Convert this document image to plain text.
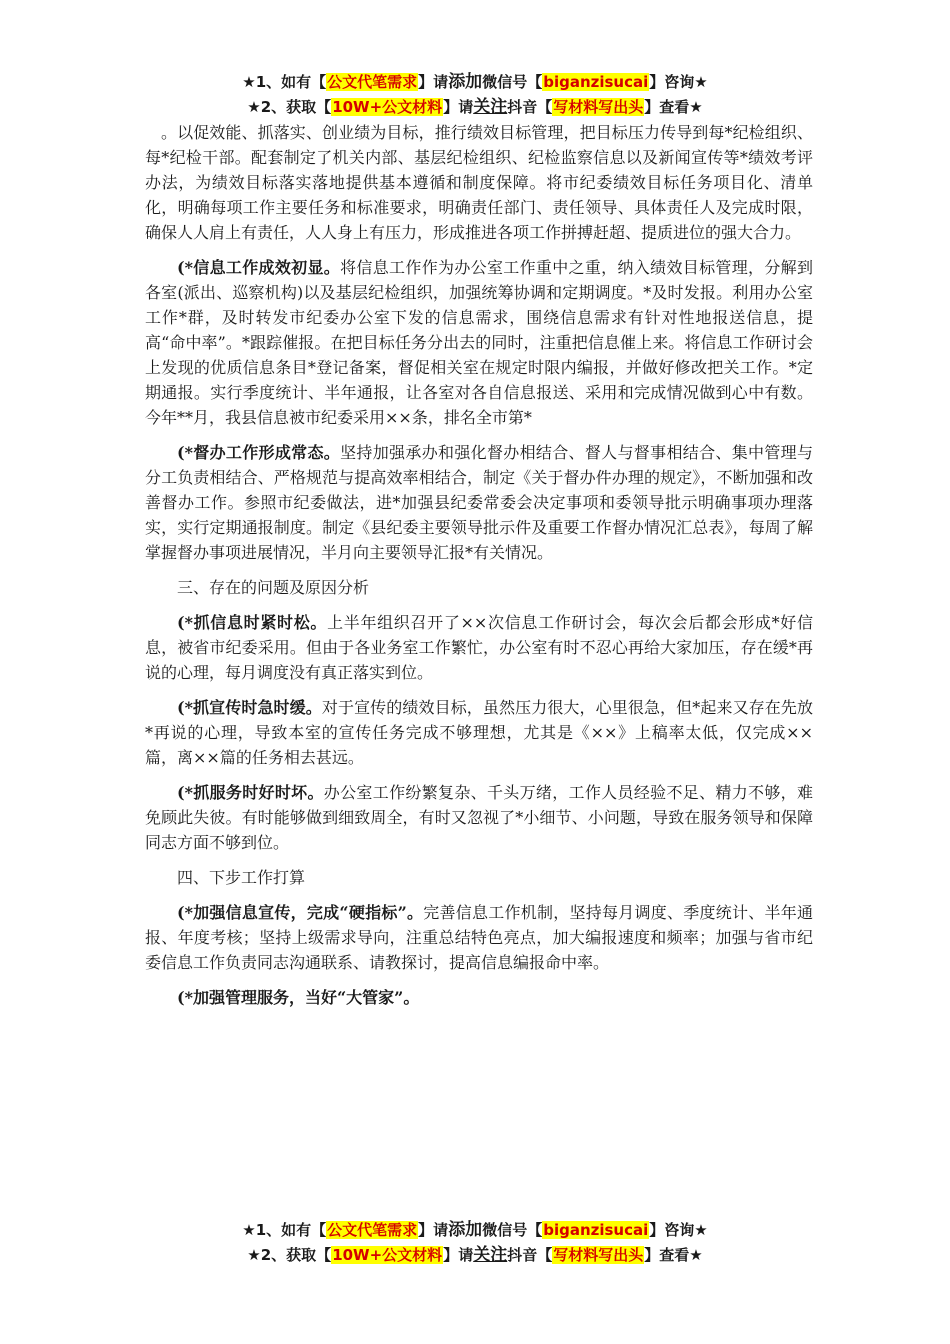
★1、如有【公文代笔需求】请添加微信号【biganzisucai】咨询★
★2、获取【10W+公文材料】请关注抖音【写材料写出头】查看★

。以促效能、抓落实、创业绩为目标，推行绩效目标管理，把目标压力传导到每*纪检组织、每*纪检干部。配套制定了机关内部、基层纪检组织、纪检监察信息以及新闻宣传等*绩效考评办法，为绩效目标落实落地提供基本遵循和制度保障。将市纪委绩效目标任务项目化、清单化，明确每项工作主要任务和标准要求，明确责任部门、责任领导、具体责任人及完成时限，确保人人肩上有责任，人人身上有压力，形成推进各项工作拼搏赶超、提质进位的强大合力。

(*信息工作成效初显。将信息工作作为办公室工作重中之重，纳入绩效目标管理，分解到各室(派出、巡察机构)以及基层纪检组织，加强统筹协调和定期调度。*及时发报。利用办公室工作*群，及时转发市纪委办公室下发的信息需求，围绕信息需求有针对性地报送信息，提高“命中率”。*跟踪催报。在把目标任务分出去的同时，注重把信息催上来。将信息工作研讨会上发现的优质信息条目*登记备案，督促相关室在规定时限内编报，并做好修改把关工作。*定期通报。实行季度统计、半年通报，让各室对各自信息报送、采用和完成情况做到心中有数。今年**月，我县信息被市纪委采用××条，排名全市第*

(*督办工作形成常态。坚持加强承办和强化督办相结合、督人与督事相结合、集中管理与分工负责相结合、严格规范与提高效率相结合，制定《关于督办件办理的规定》，不断加强和改善督办工作。参照市纪委做法，进*加强县纪委常委会决定事项和委领导批示明确事项办理落实，实行定期通报制度。制定《县纪委主要领导批示件及重要工作督办情况汇总表》，每周了解掌握督办事项进展情况，半月向主要领导汇报*有关情况。

三、存在的问题及原因分析

(*抓信息时紧时松。上半年组织召开了××次信息工作研讨会，每次会后都会形成*好信息，被省市纪委采用。但由于各业务室工作繁忙，办公室有时不忍心再给大家加压，存在缓*再说的心理，每月调度没有真正落实到位。

(*抓宣传时急时缓。对于宣传的绩效目标，虽然压力很大，心里很急，但*起来又存在先放*再说的心理，导致本室的宣传任务完成不够理想，尤其是《××》上稿率太低，仅完成××篇，离××篇的任务相去甚远。

(*抓服务时好时坏。办公室工作纷繁复杂、千头万绪，工作人员经验不足、精力不够，难免顾此失彼。有时能够做到细致周全，有时又忽视了*小细节、小问题，导致在服务领导和保障同志方面不够到位。

四、下步工作打算

(*加强信息宣传，完成“硬指标”。完善信息工作机制，坚持每月调度、季度统计、半年通报、年度考核；坚持上级需求导向，注重总结特色亮点，加大编报速度和频率；加强与省市纪委信息工作负责同志沟通联系、请教探讨，提高信息编报命中率。

(*加强管理服务，当好“大管家”。

★1、如有【公文代笔需求】请添加微信号【biganzisucai】咨询★
★2、获取【10W+公文材料】请关注抖音【写材料写出头】查看★
